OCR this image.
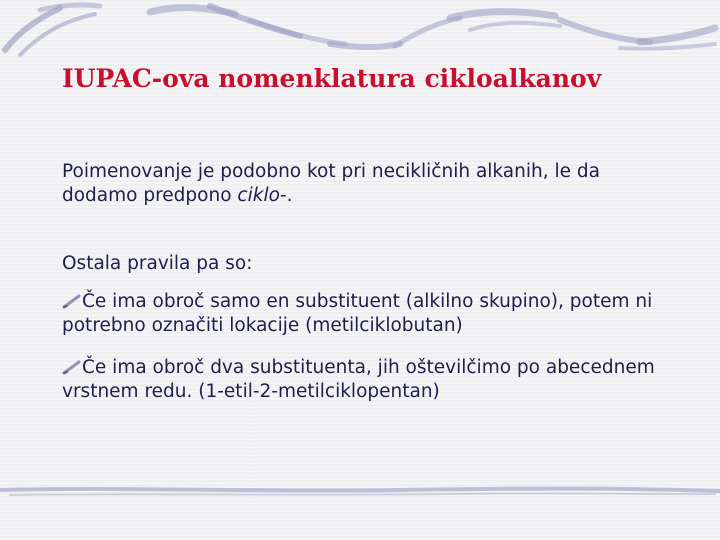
IUPAC-ova nomenklatura cikloalkanov

Poimenovanje je podobno kot pri necikličnih alkanih, le da dodamo predpono ciklo-.

Ostala pravila pa so:

Če ima obroč samo en substituent (alkilno skupino), potem ni potrebno označiti lokacije (metilciklobutan)

Če ima obroč dva substituenta, jih oštevilčimo po abecednem vrstnem redu. (1-etil-2-metilciklopentan)
